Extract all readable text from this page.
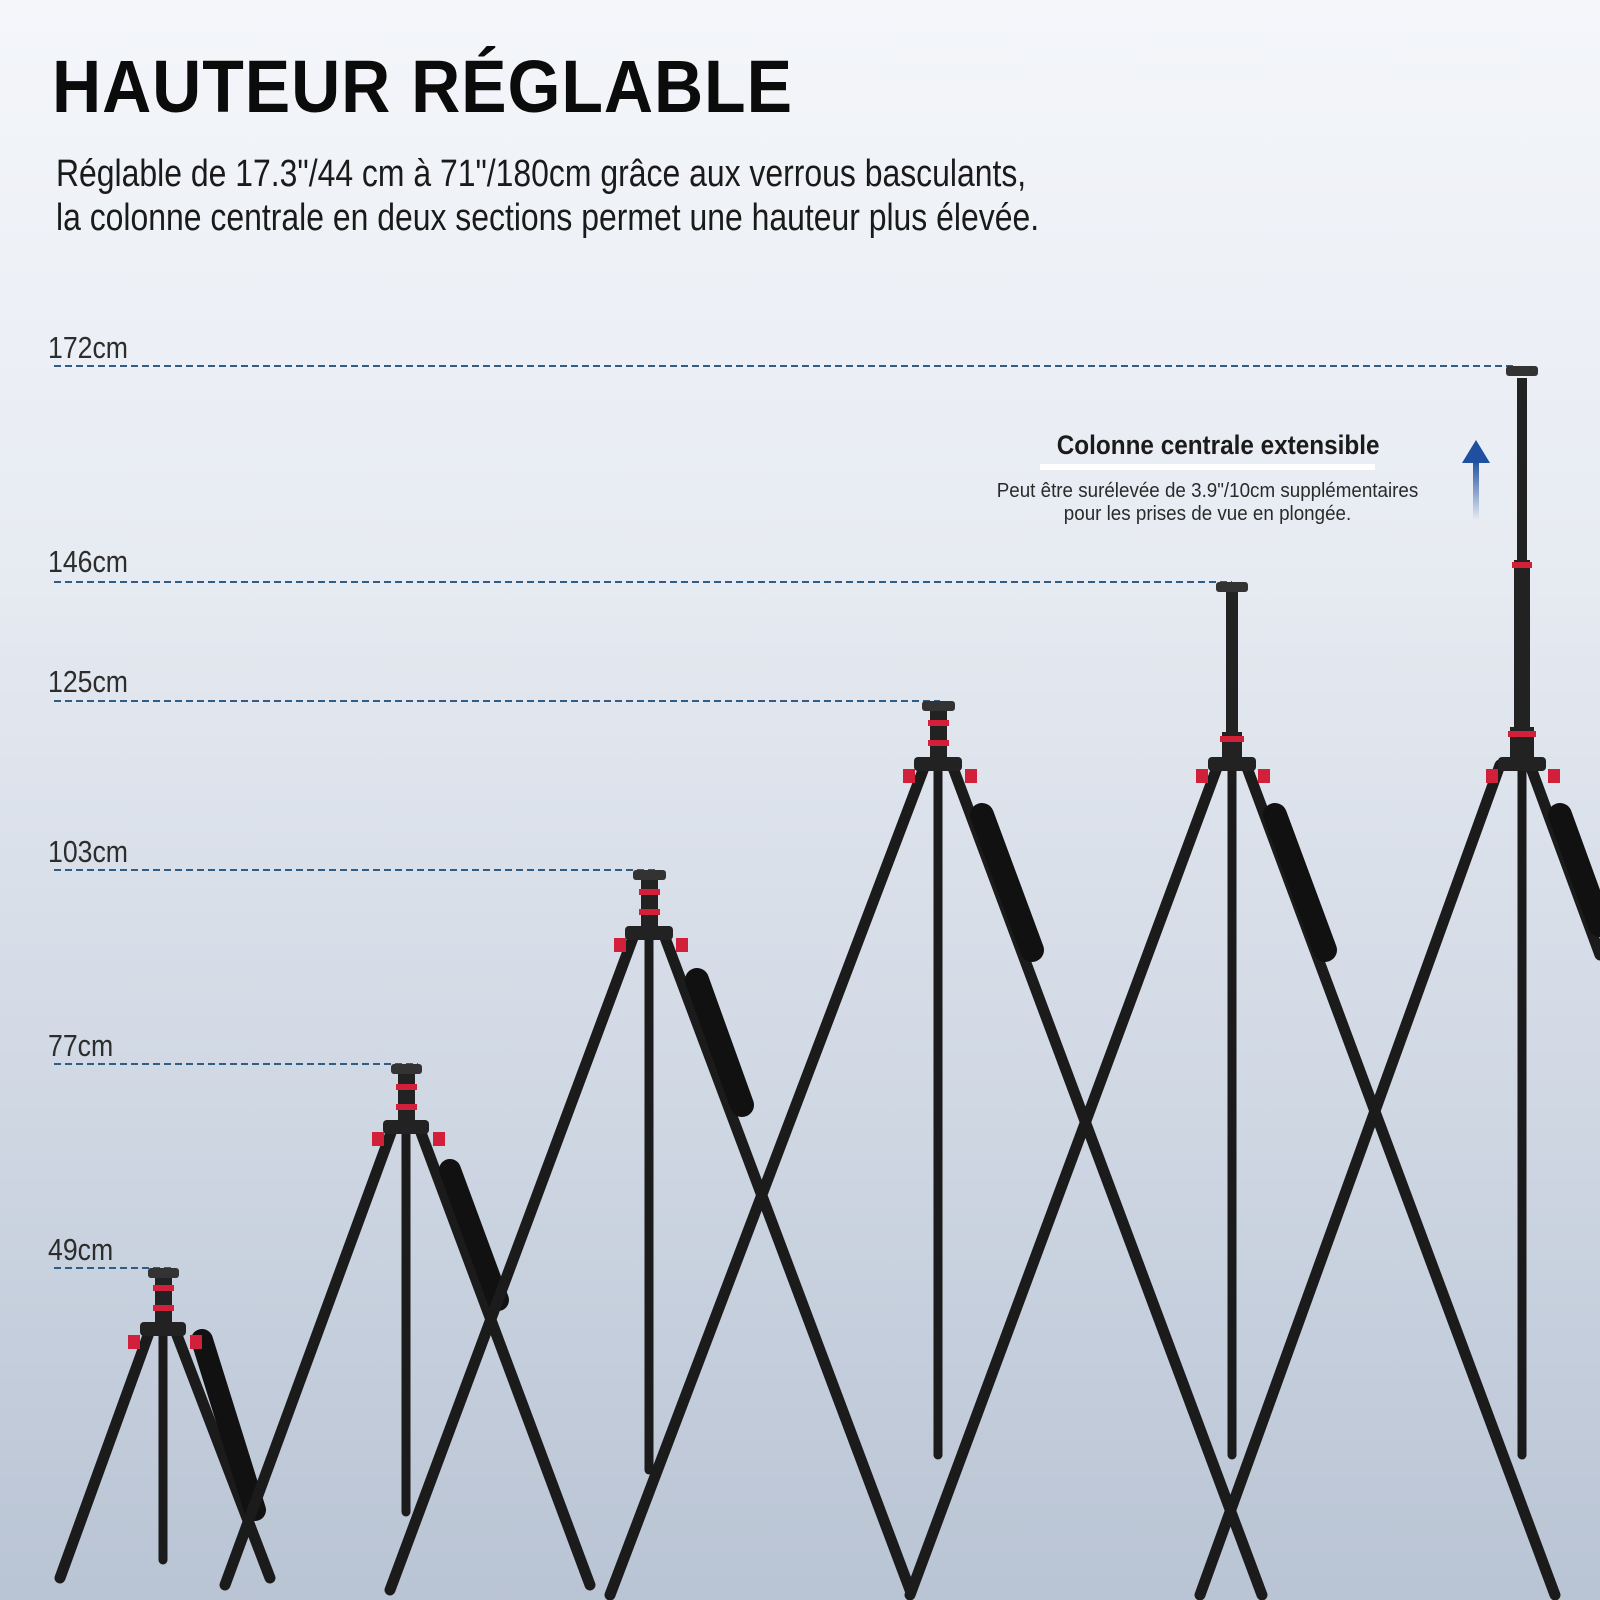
HAUTEUR RÉGLABLE

Réglable de 17.3"/44 cm à 71"/180cm grâce aux verrous basculants,
la colonne centrale en deux sections permet une hauteur plus élevée.

172cm
146cm
125cm
103cm
77cm
49cm
Colonne centrale extensible
Peut être surélevée de 3.9"/10cm supplémentaires
pour les prises de vue en plongée.
